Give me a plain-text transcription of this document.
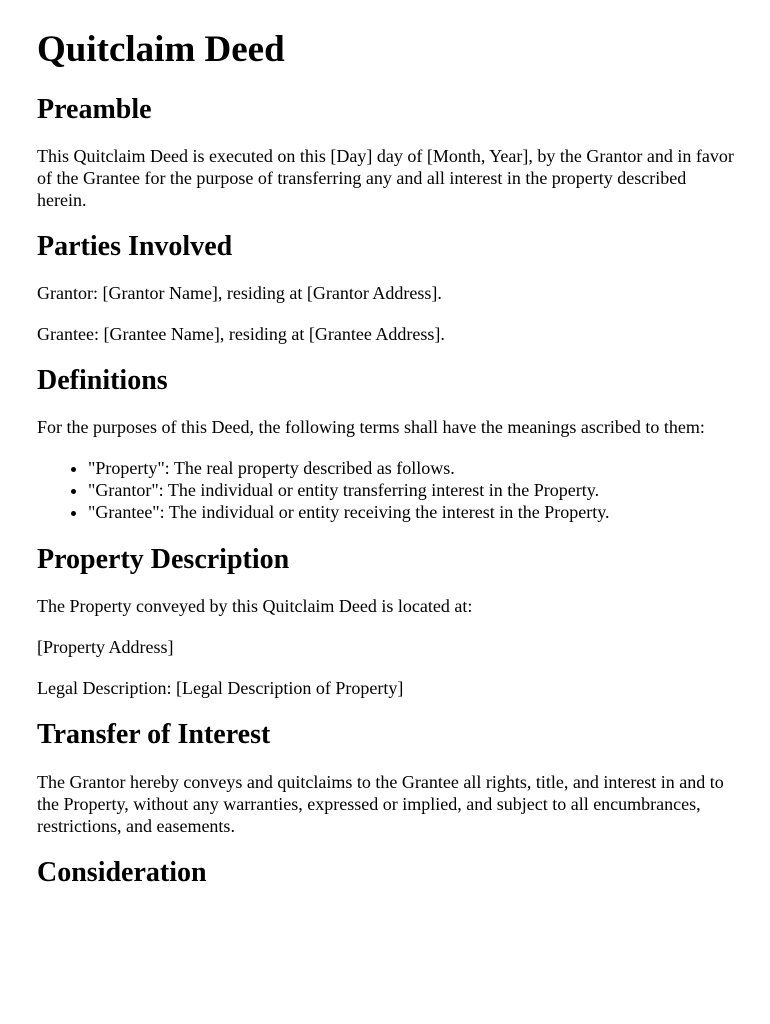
Quitclaim Deed
Preamble

This Quitclaim Deed is executed on this [Day] day of [Month, Year], by the Grantor and in favor of the Grantee for the purpose of transferring any and all interest in the property described herein.

Parties Involved

Grantor: [Grantor Name], residing at [Grantor Address].

Grantee: [Grantee Name], residing at [Grantee Address].

Definitions

For the purposes of this Deed, the following terms shall have the meanings ascribed to them:

• "Property": The real property described as follows.
• "Grantor": The individual or entity transferring interest in the Property.
• "Grantee": The individual or entity receiving the interest in the Property.
Property Description

The Property conveyed by this Quitclaim Deed is located at:

[Property Address]

Legal Description: [Legal Description of Property]

Transfer of Interest

The Grantor hereby conveys and quitclaims to the Grantee all rights, title, and interest in and to the Property, without any warranties, expressed or implied, and subject to all encumbrances, restrictions, and easements.

Consideration
